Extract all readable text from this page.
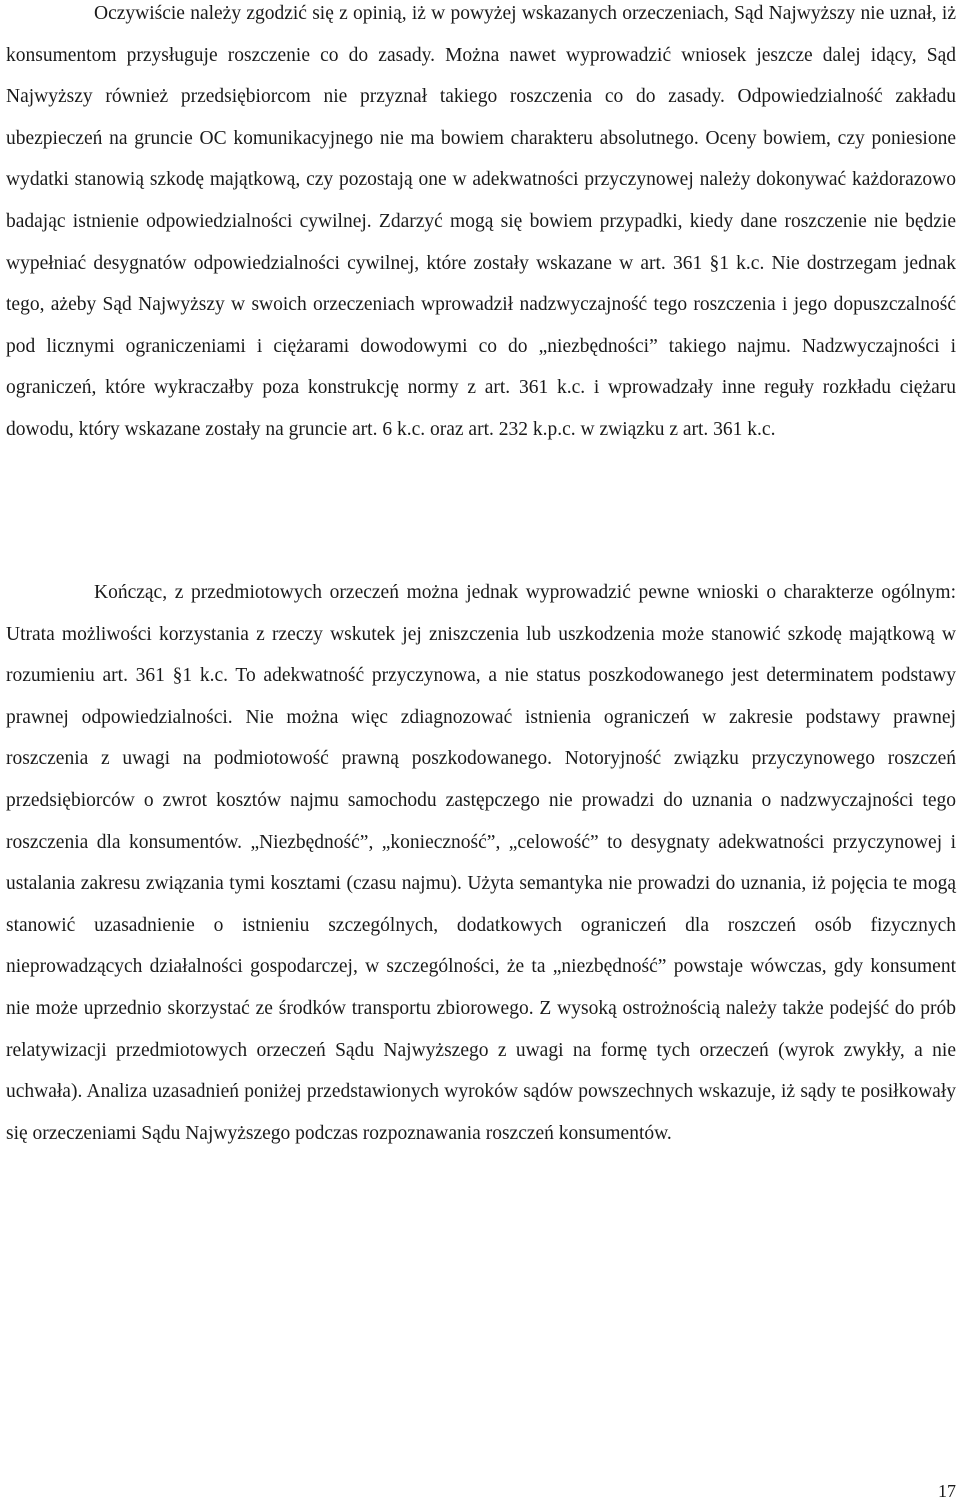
Oczywiście należy zgodzić się z opinią, iż w powyżej wskazanych orzeczeniach, Sąd Najwyższy nie uznał, iż konsumentom przysługuje roszczenie co do zasady. Można nawet wyprowadzić wniosek jeszcze dalej idący, Sąd Najwyższy również przedsiębiorcom nie przyznał takiego roszczenia co do zasady. Odpowiedzialność zakładu ubezpieczeń na gruncie OC komunikacyjnego nie ma bowiem charakteru absolutnego. Oceny bowiem, czy poniesione wydatki stanowią szkodę majątkową, czy pozostają one w adekwatności przyczynowej należy dokonywać każdorazowo badając istnienie odpowiedzialności cywilnej. Zdarzyć mogą się bowiem przypadki, kiedy dane roszczenie nie będzie wypełniać desygnatów odpowiedzialności cywilnej, które zostały wskazane w art. 361 §1 k.c. Nie dostrzegam jednak tego, ażeby Sąd Najwyższy w swoich orzeczeniach wprowadził nadzwyczajność tego roszczenia i jego dopuszczalność pod licznymi ograniczeniami i ciężarami dowodowymi co do „niezbędności” takiego najmu. Nadzwyczajności i ograniczeń, które wykraczałby poza konstrukcję normy z art. 361 k.c. i wprowadzały inne reguły rozkładu ciężaru dowodu, który wskazane zostały na gruncie art. 6 k.c. oraz art. 232 k.p.c. w związku z art. 361 k.c.

Kończąc, z przedmiotowych orzeczeń można jednak wyprowadzić pewne wnioski o charakterze ogólnym: Utrata możliwości korzystania z rzeczy wskutek jej zniszczenia lub uszkodzenia może stanowić szkodę majątkową w rozumieniu art. 361 §1 k.c. To adekwatność przyczynowa, a nie status poszkodowanego jest determinatem podstawy prawnej odpowiedzialności. Nie można więc zdiagnozować istnienia ograniczeń w zakresie podstawy prawnej roszczenia z uwagi na podmiotowość prawną poszkodowanego. Notoryjność związku przyczynowego roszczeń przedsiębiorców o zwrot kosztów najmu samochodu zastępczego nie prowadzi do uznania o nadzwyczajności tego roszczenia dla konsumentów. „Niezbędność”, „konieczność”, „celowość” to desygnaty adekwatności przyczynowej i ustalania zakresu związania tymi kosztami (czasu najmu). Użyta semantyka nie prowadzi do uznania, iż pojęcia te mogą stanowić uzasadnienie o istnieniu szczególnych, dodatkowych ograniczeń dla roszczeń osób fizycznych nieprowadzących działalności gospodarczej, w szczególności, że ta „niezbędność” powstaje wówczas, gdy konsument nie może uprzednio skorzystać ze środków transportu zbiorowego. Z wysoką ostrożnością należy także podejść do prób relatywizacji przedmiotowych orzeczeń Sądu Najwyższego z uwagi na formę tych orzeczeń (wyrok zwykły, a nie uchwała). Analiza uzasadnień poniżej przedstawionych wyroków sądów powszechnych wskazuje, iż sądy te posiłkowały się orzeczeniami Sądu Najwyższego podczas rozpoznawania roszczeń konsumentów.

17
